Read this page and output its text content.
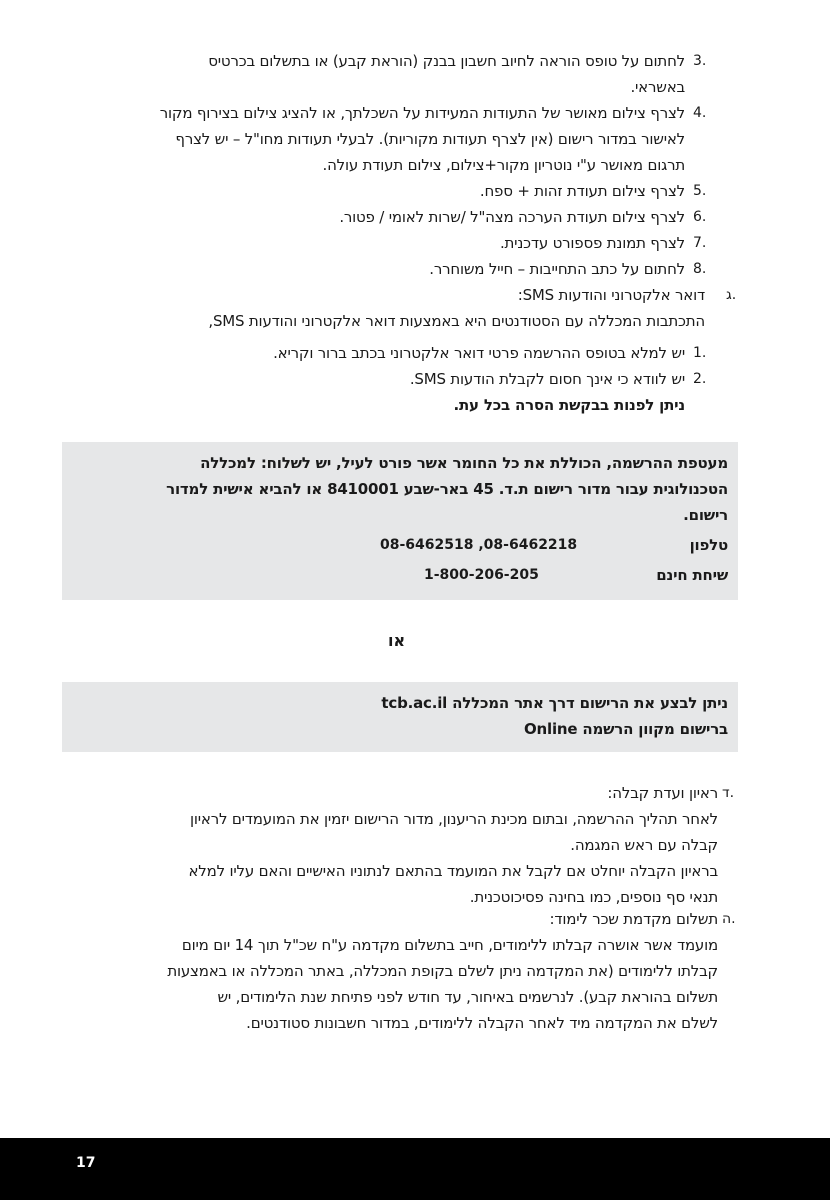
3.
לחתום על טופס הוראה לחיוב חשבון בבנק (הוראת קבע) או בתשלום בכרטיס
באשראי.
4.
לצרף צילום מאושר של התעודות המעידות על השכלתך, או להציג צילום בצירוף מקור
לאישור במדור רישום (אין לצרף תעודות מקוריות). לבעלי תעודות מחו"ל – יש לצרף
תרגום מאושר ע"י נוטריון מקור+צילום, צילום תעודת עולה.
5.
לצרף צילום תעודת זהות + ספח.
6.
לצרף צילום תעודת הערכה מצה"ל /שרות לאומי / פטור.
7.
לצרף תמונת פספורט עדכנית.
8.
לחתום על כתב התחייבות – חייל משוחרר.
ג.
דואר אלקטרוני והודעות SMS:
התכתבות המכללה עם הסטודנטים היא באמצעות דואר אלקטרוני והודעות SMS,
1.
יש למלא בטופס ההרשמה פרטי דואר אלקטרוני בכתב ברור וקריא.
2.
יש לוודא כי אינך חסום לקבלת הודעות SMS.
ניתן לפנות בבקשת הסרה בכל עת.
מעטפת ההרשמה, הכוללת את כל החומר אשר פורט לעיל, יש לשלוח: למכללה
הטכנולוגית עבור מדור רישום ת.ד. 45 באר-שבע 8410001 או להביא אישית למדור
רישום.
טלפון
08-6462518 ,08-6462218
שיחת חינם
1-800-206-205
או
ניתן לבצע את הרישום דרך אתר המכללה tcb.ac.il
ברישום מקוון הרשמה Online
ד.
ראיון ועדת קבלה:
לאחר תהליך ההרשמה, ובתום מכינת הריענון, מדור הרישום יזמין את המועמדים לראיון
קבלה עם ראש המגמה.
בראיון הקבלה יוחלט אם לקבל את המועמד בהתאם לנתוניו האישיים והאם עליו למלא
תנאי סף נוספים, כמו בחינה פסיכוטכנית.
ה.
תשלום מקדמת שכר לימוד:
מועמד אשר אושרה קבלתו ללימודים, חייב בתשלום מקדמה ע"ח שכ"ל תוך 14 יום מיום
קבלתו ללימודים (את המקדמה ניתן לשלם בקופת המכללה, באתר המכללה או באמצעות
תשלום בהוראת קבע). לנרשמים באיחור, עד חודש לפני פתיחת שנת הלימודים, יש
לשלם את המקדמה מיד לאחר הקבלה ללימודים, במדור חשבונות סטודנטים.
17
